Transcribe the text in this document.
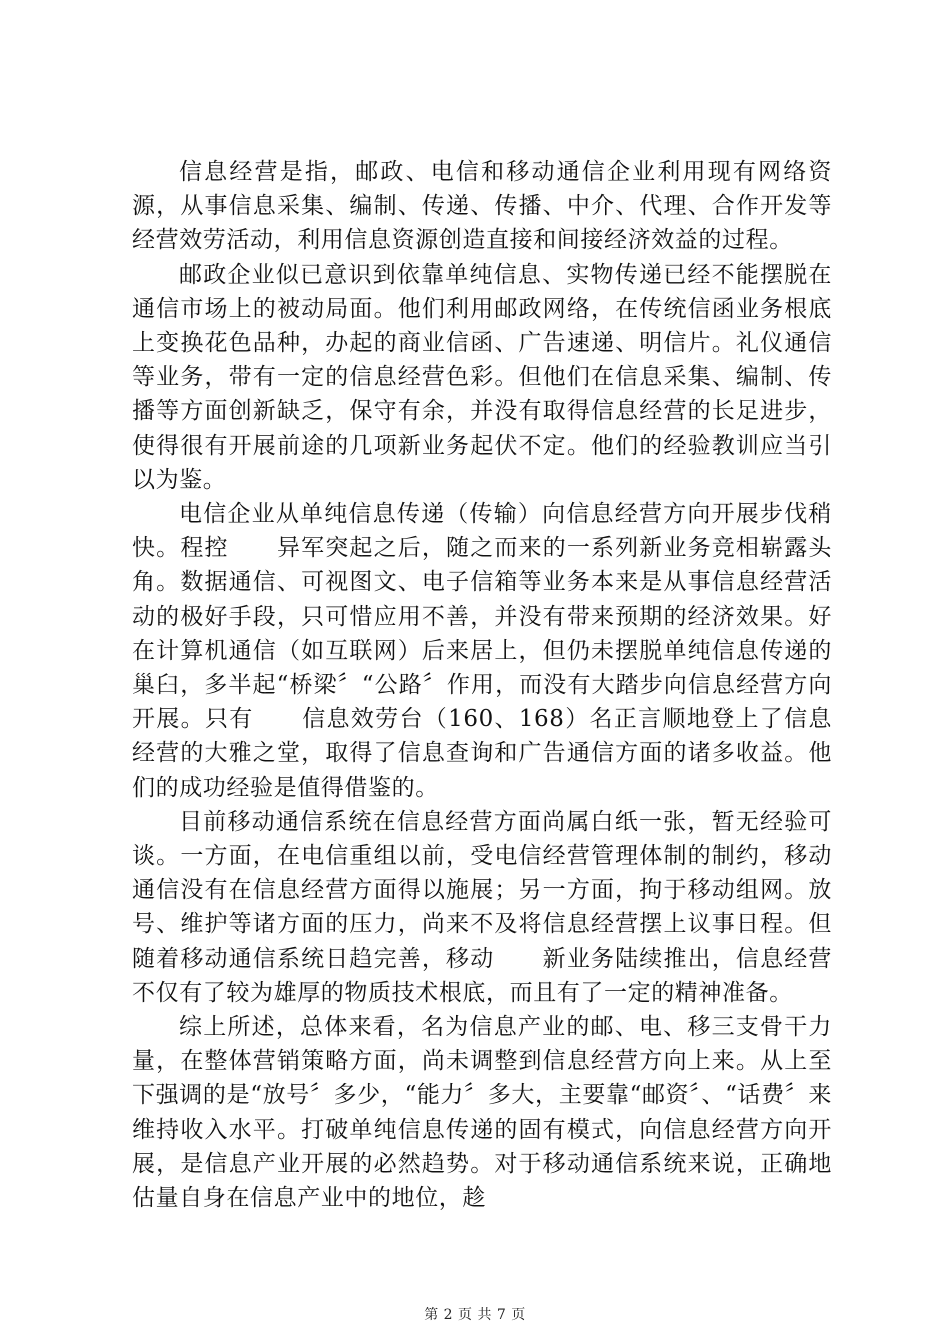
信息经营是指，邮政、电信和移动通信企业利用现有网络资源，从事信息采集、编制、传递、传播、中介、代理、合作开发等经营效劳活动，利用信息资源创造直接和间接经济效益的过程。

邮政企业似已意识到依靠单纯信息、实物传递已经不能摆脱在通信市场上的被动局面。他们利用邮政网络，在传统信函业务根底上变换花色品种，办起的商业信函、广告速递、明信片。礼仪通信等业务，带有一定的信息经营色彩。但他们在信息采集、编制、传播等方面创新缺乏，保守有余，并没有取得信息经营的长足进步，使得很有开展前途的几项新业务起伏不定。他们的经验教训应当引以为鉴。

电信企业从单纯信息传递（传输）向信息经营方向开展步伐稍快。程控　　异军突起之后，随之而来的一系列新业务竞相崭露头角。数据通信、可视图文、电子信箱等业务本来是从事信息经营活动的极好手段，只可惜应用不善，并没有带来预期的经济效果。好在计算机通信（如互联网）后来居上，但仍未摆脱单纯信息传递的巢臼，多半起“桥梁〞“公路〞作用，而没有大踏步向信息经营方向开展。只有　　信息效劳台（160、168）名正言顺地登上了信息经营的大雅之堂，取得了信息查询和广告通信方面的诸多收益。他们的成功经验是值得借鉴的。

目前移动通信系统在信息经营方面尚属白纸一张，暂无经验可谈。一方面，在电信重组以前，受电信经营管理体制的制约，移动通信没有在信息经营方面得以施展；另一方面，拘于移动组网。放号、维护等诸方面的压力，尚来不及将信息经营摆上议事日程。但随着移动通信系统日趋完善，移动　　新业务陆续推出，信息经营不仅有了较为雄厚的物质技术根底，而且有了一定的精神准备。

综上所述，总体来看，名为信息产业的邮、电、移三支骨干力量，在整体营销策略方面，尚未调整到信息经营方向上来。从上至下强调的是“放号〞多少，“能力〞多大，主要靠“邮资〞、“话费〞来维持收入水平。打破单纯信息传递的固有模式，向信息经营方向开展，是信息产业开展的必然趋势。对于移动通信系统来说，正确地估量自身在信息产业中的地位，趁

第 2 页 共 7 页
